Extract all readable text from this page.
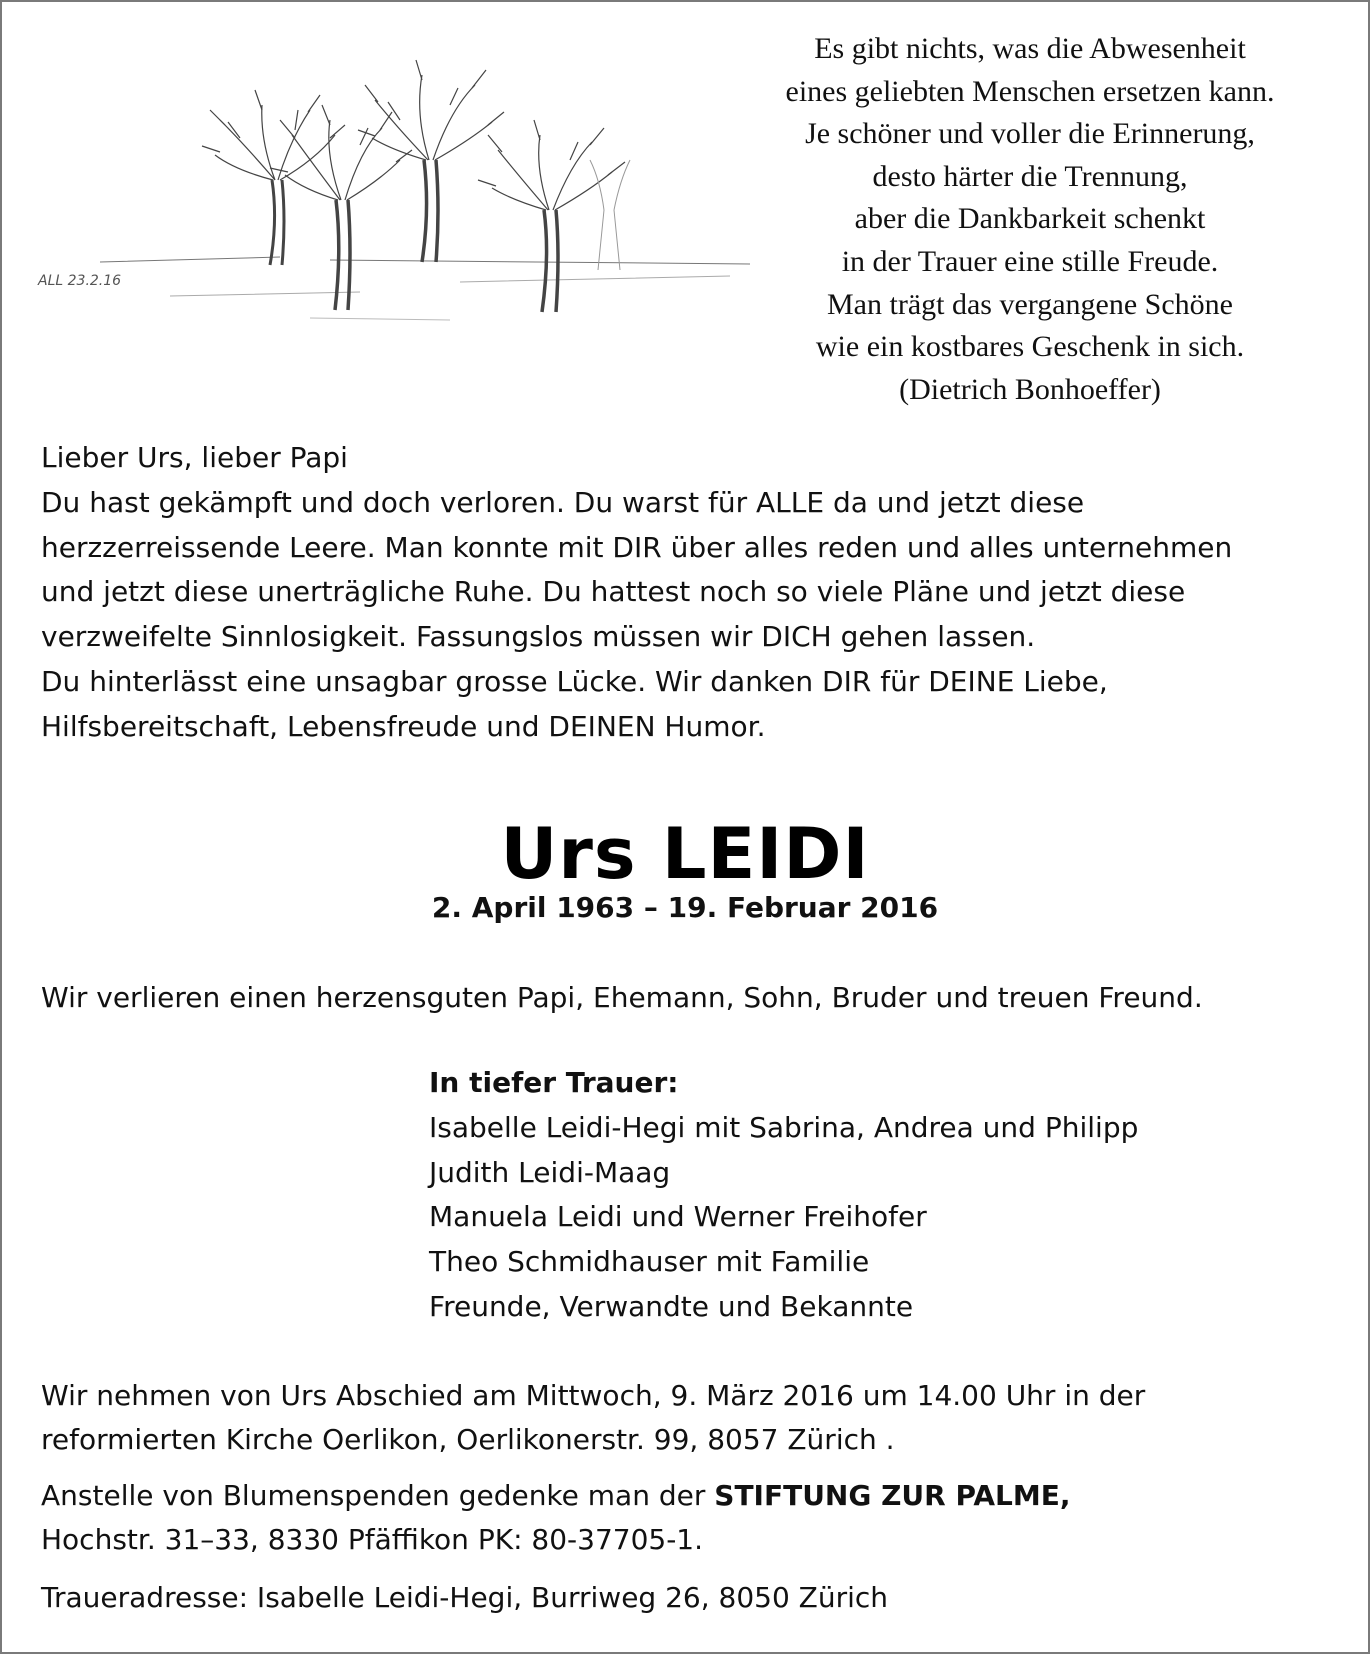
ALL 23.2.16
Es gibt nichts, was die Abwesenheit
eines geliebten Menschen ersetzen kann.
Je schöner und voller die Erinnerung,
desto härter die Trennung,
aber die Dankbarkeit schenkt
in der Trauer eine stille Freude.
Man trägt das vergangene Schöne
wie ein kostbares Geschenk in sich.
(Dietrich Bonhoeffer)
Lieber Urs, lieber Papi
Du hast gekämpft und doch verloren. Du warst für ALLE da und jetzt diese
herzzerreissende Leere. Man konnte mit DIR über alles reden und alles unternehmen
und jetzt diese unerträgliche Ruhe. Du hattest noch so viele Pläne und jetzt diese
verzweifelte Sinnlosigkeit. Fassungslos müssen wir DICH gehen lassen.
Du hinterlässt eine unsagbar grosse Lücke. Wir danken DIR für DEINE Liebe,
Hilfsbereitschaft, Lebensfreude und DEINEN Humor.
Urs LEIDI
2. April 1963 – 19. Februar 2016
Wir verlieren einen herzensguten Papi, Ehemann, Sohn, Bruder und treuen Freund.
In tiefer Trauer:
Isabelle Leidi-Hegi mit Sabrina, Andrea und Philipp
Judith Leidi-Maag
Manuela Leidi und Werner Freihofer
Theo Schmidhauser mit Familie
Freunde, Verwandte und Bekannte
Wir nehmen von Urs Abschied am Mittwoch, 9. März 2016 um 14.00 Uhr in der
reformierten Kirche Oerlikon, Oerlikonerstr. 99, 8057 Zürich .
Anstelle von Blumenspenden gedenke man der STIFTUNG ZUR PALME,
Hochstr. 31–33, 8330 Pfäffikon PK: 80-37705-1.
Traueradresse: Isabelle Leidi-Hegi, Burriweg 26, 8050 Zürich
